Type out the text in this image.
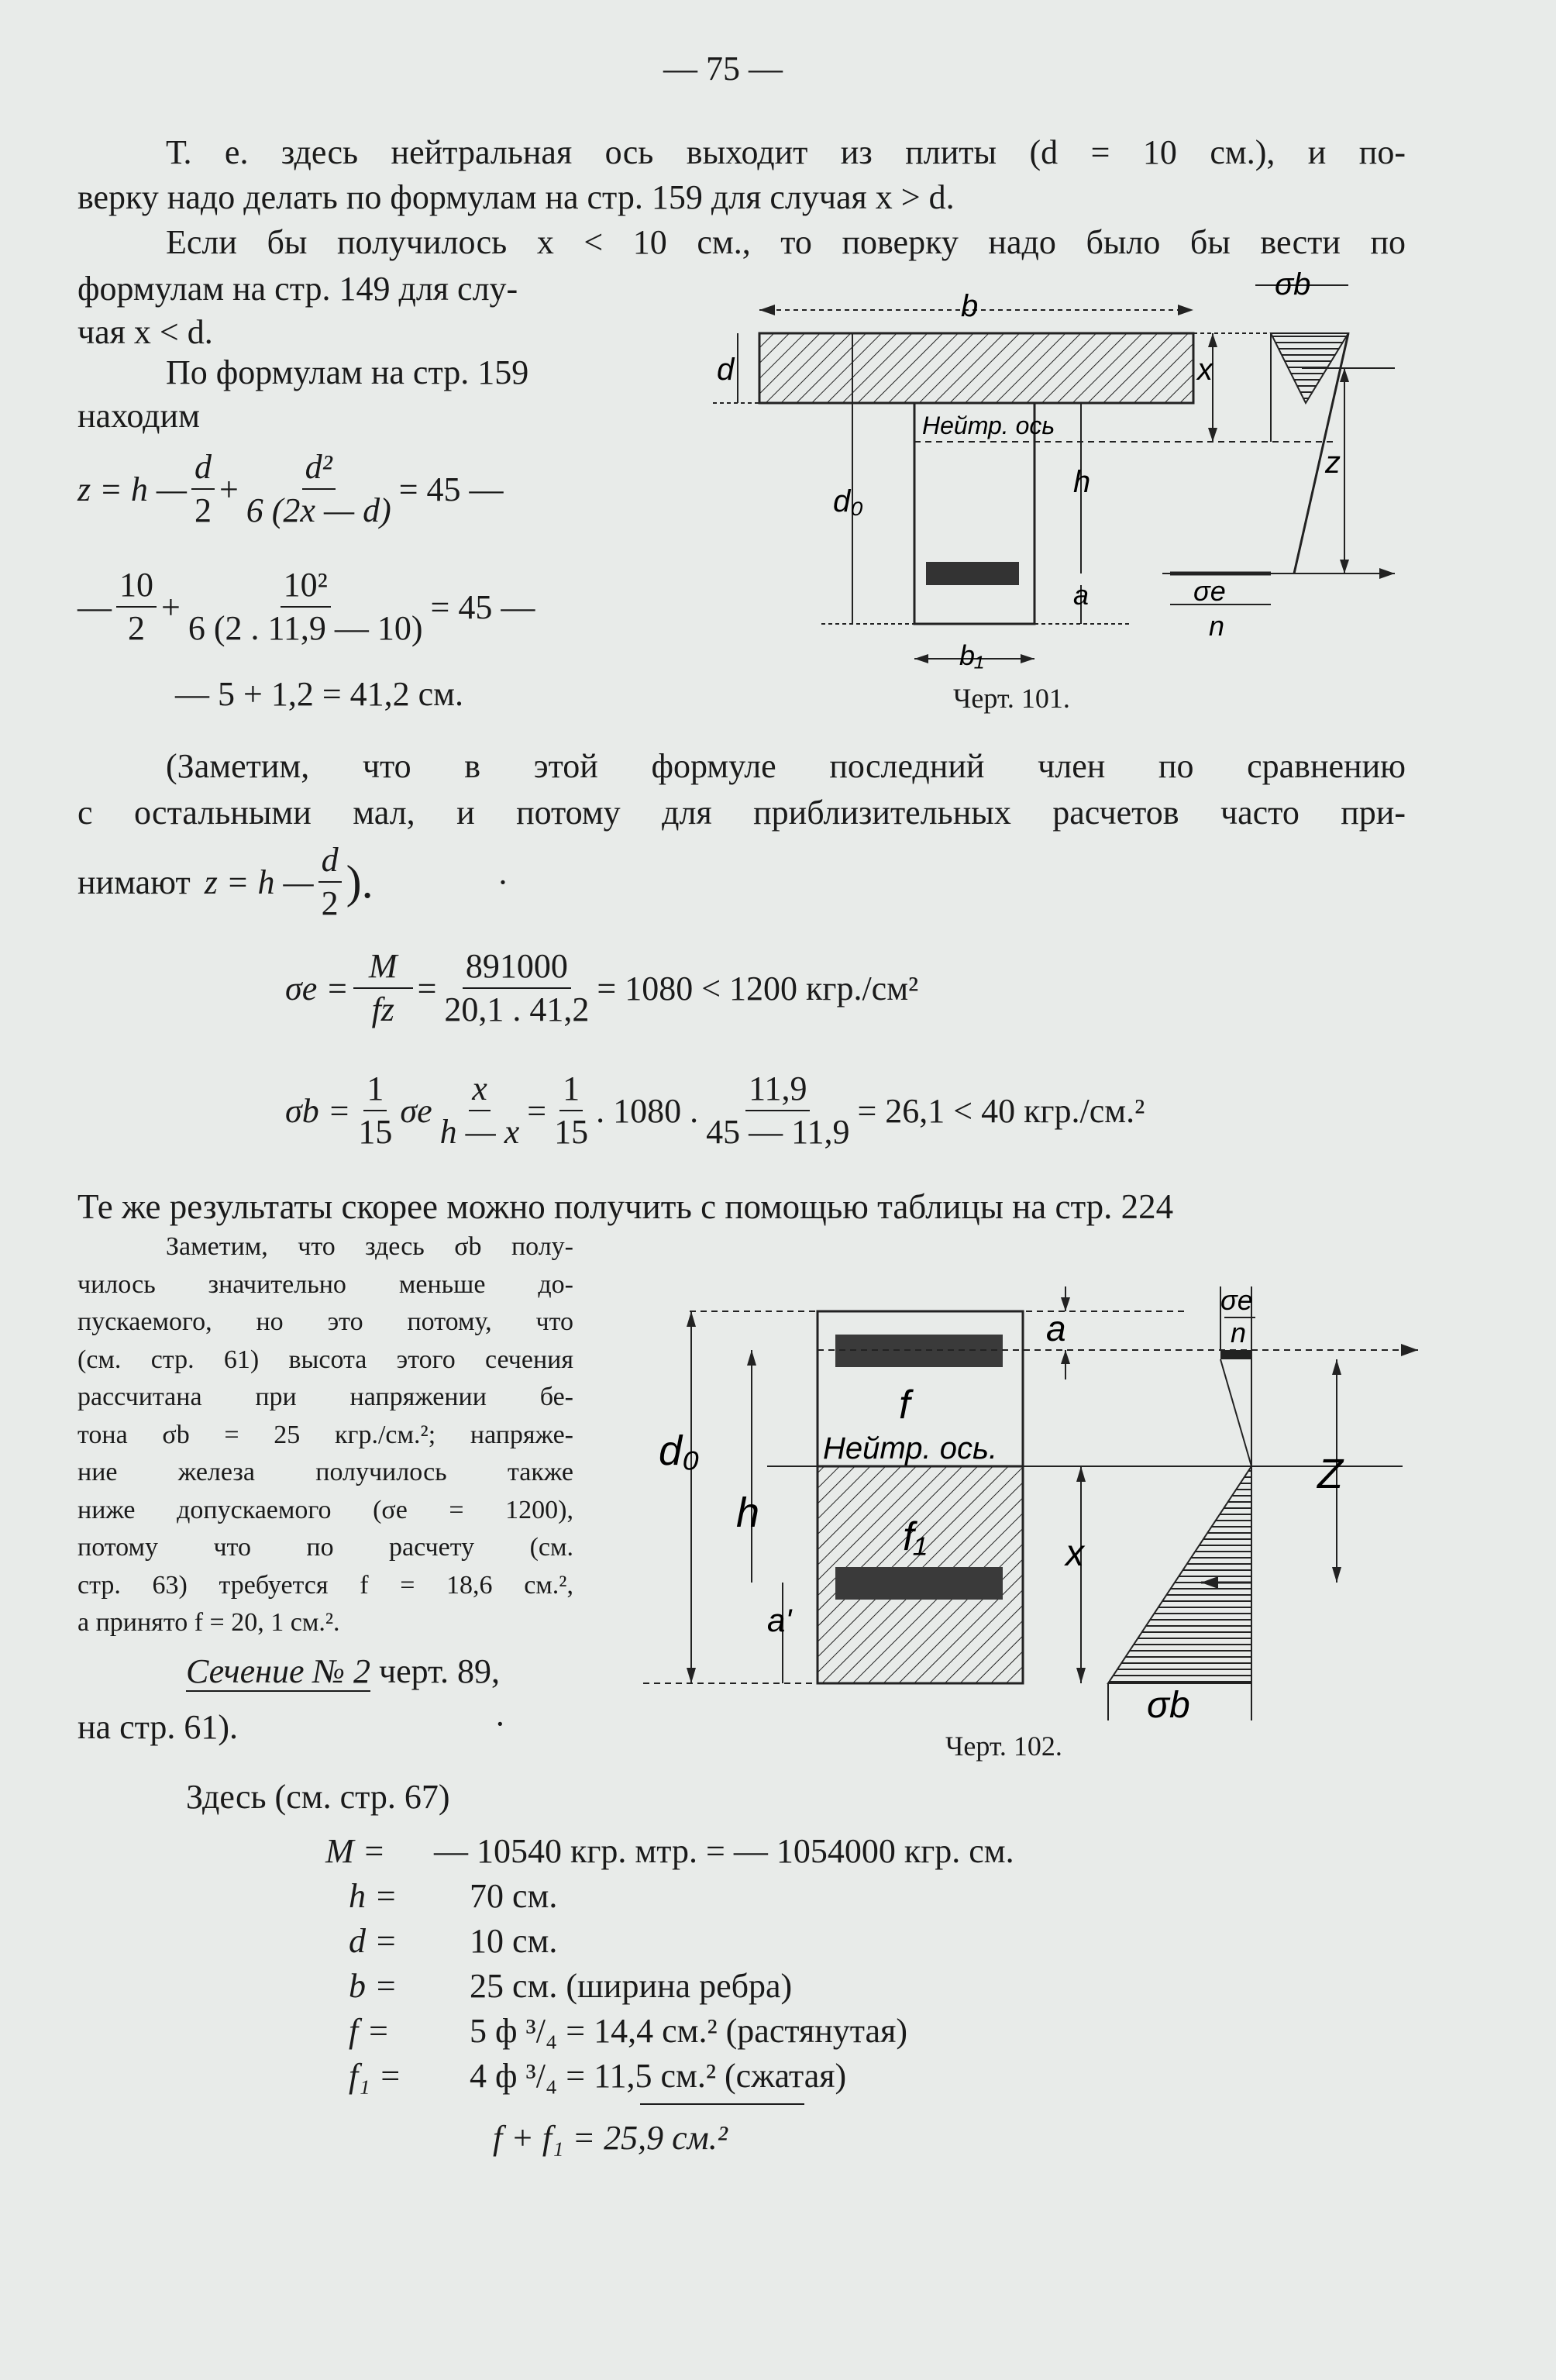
— 75 —
Т. е. здесь нейтральная ось выходит из плиты (d = 10 см.), и по-
верку надо делать по формулам на стр. 159 для случая x > d.
Если бы получилось x < 10 см., то поверку надо было бы вести по
формулам на стр. 149 для слу-
чая x < d.
По формулам на стр. 159
находим
z = h — $\frac{d}{2} + \frac{\text{d²}}{6 (2x — d)} = 45$ —
— $\frac{10}{2} + \frac{\text{10²}}{6 (2 . 11,9 — 10)} = 45$ —
— 5 + 1,2 = 41,2 см.
b
d	x
Нейтр. ось
σb
z
d₀
h
a	σe
n
b₁
Черт. 101.
(Заметим, что в этой формуле последний член по сравнению
с остальными мал, и потому для приблизительных расчетов часто при-
нимают z = h — $\frac{d}{2}$ ).	·
$\sigma e = \frac{M}{fz} = \frac{891000}{20,1 . 41,2} = 1080 < 1200$ кгр./см²
$\sigma b = \frac{1}{15}$ σe $\frac{x}{h — x} = \frac{1}{15}$ . 1080 . $\frac{11,9}{45 — 11,9} = 26,1 < 40$ кгр./см.²
Те же результаты скорее можно получить с помощью таблицы на стр. 224
Заметим, что здесь σb полу-
чилось значительно меньше до-
пускаемого, но это потому, что
(см. стр. 61) высота этого сечения
рассчитана при напряжении бе-
тона σb = 25 кгр./см.²; напряже-
ние железа получилось также
ниже допускаемого (σe = 1200),
потому что по расчету (см.
стр. 63) требуется f = 18,6 см.²,
а принято f = 20, 1 см.².
Сечение № 2 черт. 89,
на стр. 61).	·
Нейтр. ось.
f
f₁
d₀
h
a'
a
x
σe
n
Z
σb
Черт. 102.
Здесь (см. стр. 67)
M = — 10540 кгр. мтр. = — 1054000 кгр. см.
h = 70 см.
d = 10 см.
b = 25 см. (ширина ребра)
f = 5 ф ³/₄ = 14,4 см.² (растянутая)
f₁ = 4 ф ³/₄ = 11,5 см.² (сжатая)
f + f₁ = 25,9 см.²
